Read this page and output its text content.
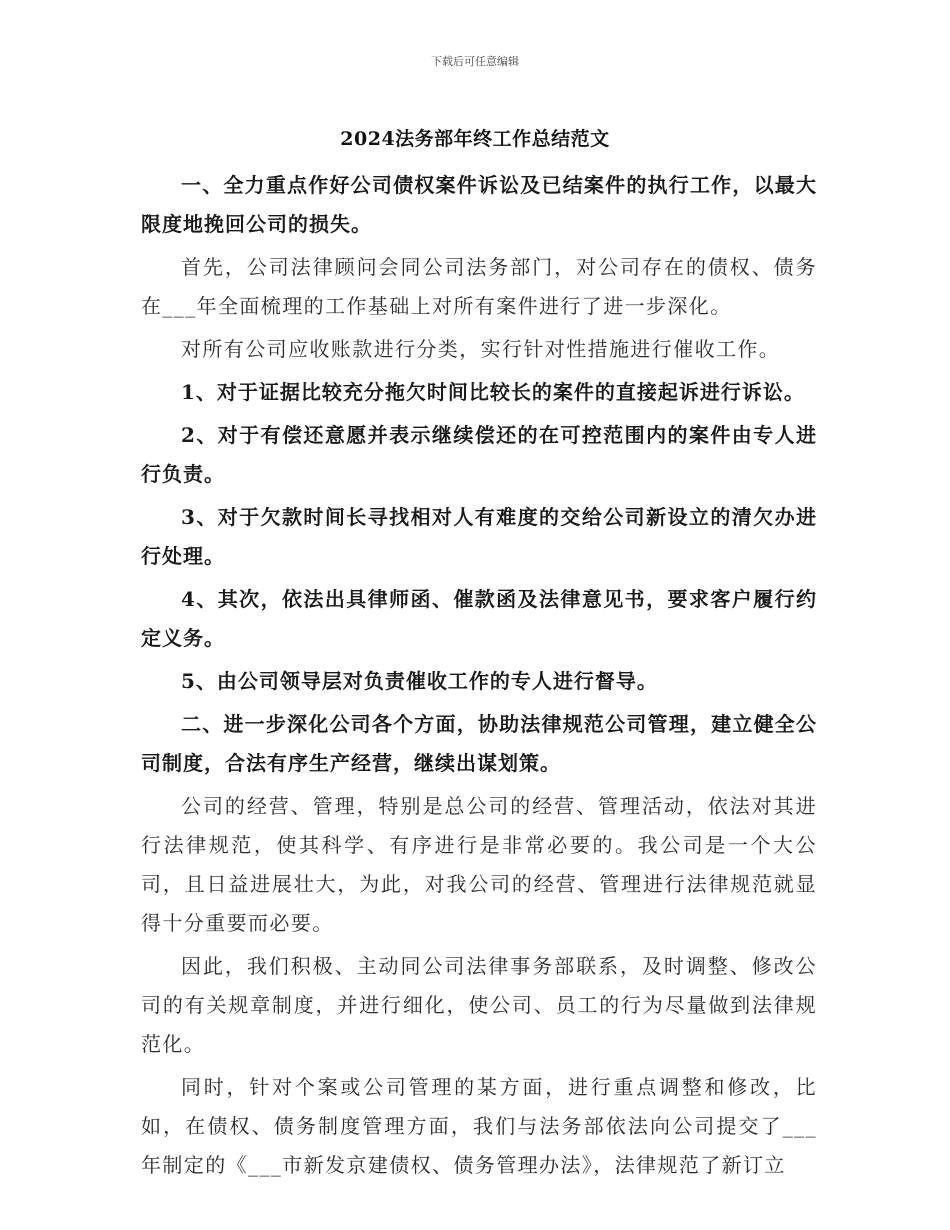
下载后可任意编辑
2024法务部年终工作总结范文

一、全力重点作好公司债权案件诉讼及已结案件的执行工作，以最大限度地挽回公司的损失。

首先，公司法律顾问会同公司法务部门，对公司存在的债权、债务在___年全面梳理的工作基础上对所有案件进行了进一步深化。

对所有公司应收账款进行分类，实行针对性措施进行催收工作。

1、对于证据比较充分拖欠时间比较长的案件的直接起诉进行诉讼。

2、对于有偿还意愿并表示继续偿还的在可控范围内的案件由专人进行负责。

3、对于欠款时间长寻找相对人有难度的交给公司新设立的清欠办进行处理。

4、其次，依法出具律师函、催款函及法律意见书，要求客户履行约定义务。

5、由公司领导层对负责催收工作的专人进行督导。

二、进一步深化公司各个方面，协助法律规范公司管理，建立健全公司制度，合法有序生产经营，继续出谋划策。

公司的经营、管理，特别是总公司的经营、管理活动，依法对其进行法律规范，使其科学、有序进行是非常必要的。我公司是一个大公司，且日益进展壮大，为此，对我公司的经营、管理进行法律规范就显得十分重要而必要。

因此，我们积极、主动同公司法律事务部联系，及时调整、修改公司的有关规章制度，并进行细化，使公司、员工的行为尽量做到法律规范化。

同时，针对个案或公司管理的某方面，进行重点调整和修改，比如，在债权、债务制度管理方面，我们与法务部依法向公司提交了___年制定的《___市新发京建债权、债务管理办法》，法律规范了新订立
